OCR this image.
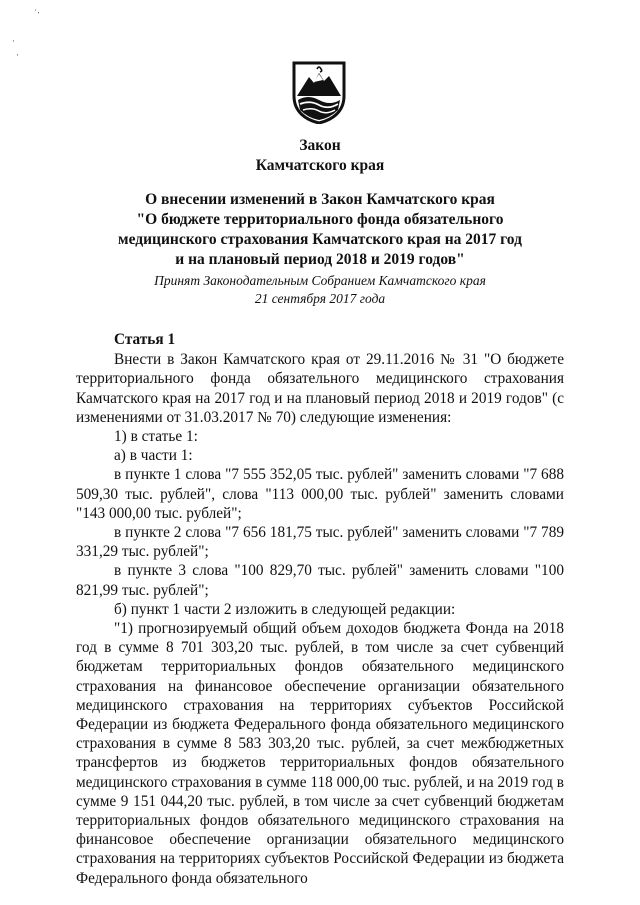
˙‧
·
·
Закон
Камчатского края
О внесении изменений в Закон Камчатского края
"О бюджете территориального фонда обязательного
медицинского страхования Камчатского края на 2017 год
и на плановый период 2018 и 2019 годов"
Принят Законодательным Собранием Камчатского края
21 сентября 2017 года

Статья 1

Внести в Закон Камчатского края от 29.11.2016 № 31 "О бюджете территориального фонда обязательного медицинского страхования Камчатского края на 2017 год и на плановый период 2018 и 2019 годов" (с изменениями от 31.03.2017 № 70) следующие изменения:

1) в статье 1:

а) в части 1:

в пункте 1 слова "7 555 352,05 тыс. рублей" заменить словами "7 688 509,30 тыс. рублей", слова "113 000,00 тыс. рублей" заменить словами "143 000,00 тыс. рублей";

в пункте 2 слова "7 656 181,75 тыс. рублей" заменить словами "7 789 331,29 тыс. рублей";

в пункте 3 слова "100 829,70 тыс. рублей" заменить словами "100 821,99 тыс. рублей";

б) пункт 1 части 2 изложить в следующей редакции:

"1) прогнозируемый общий объем доходов бюджета Фонда на 2018 год в сумме 8 701 303,20 тыс. рублей, в том числе за счет субвенций бюджетам территориальных фондов обязательного медицинского страхования на финансовое обеспечение организации обязательного медицинского страхования на территориях субъектов Российской Федерации из бюджета Федерального фонда обязательного медицинского страхования в сумме 8 583 303,20 тыс. рублей, за счет межбюджетных трансфертов из бюджетов территориальных фондов обязательного медицинского страхования в сумме 118 000,00 тыс. рублей, и на 2019 год в сумме 9 151 044,20 тыс. рублей, в том числе за счет субвенций бюджетам территориальных фондов обязательного медицинского страхования на финансовое обеспечение организации обязательного медицинского страхования на территориях субъектов Российской Федерации из бюджета Федерального фонда обязательного
